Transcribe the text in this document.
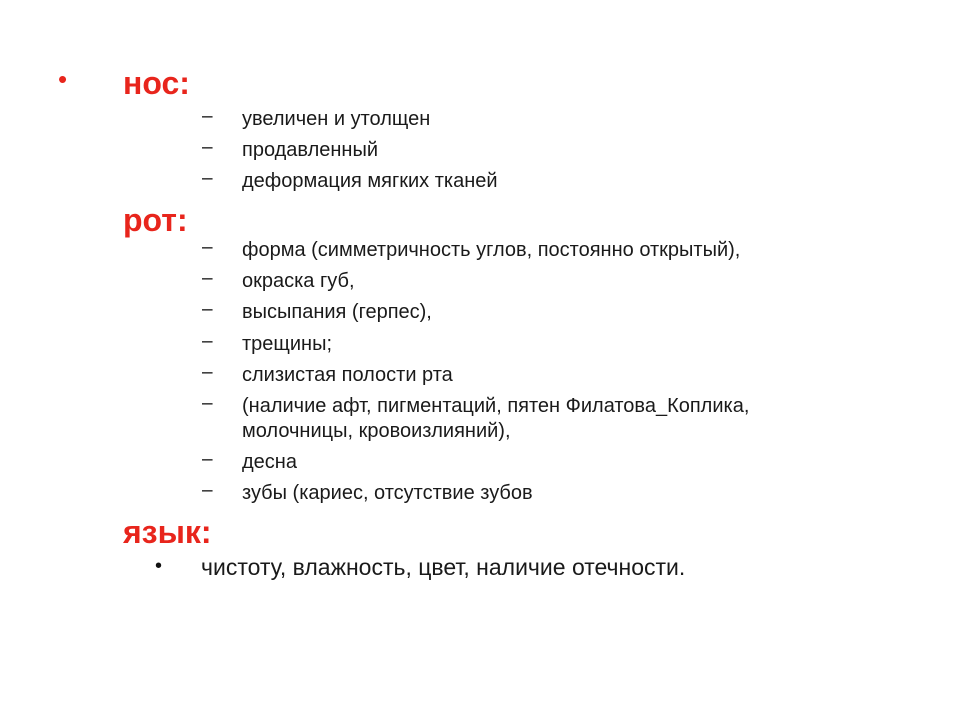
• нос:
– увеличен и утолщен
– продавленный
– деформация мягких тканей
рот:
– форма (симметричность углов, постоянно открытый),
– окраска губ,
– высыпания (герпес),
– трещины;
– слизистая полости рта
– (наличие афт, пигментаций, пятен Филатова_Коплика,
молочницы, кровоизлияний),
– десна
– зубы (кариес, отсутствие зубов
язык:
• чистоту, влажность, цвет, наличие отечности.
